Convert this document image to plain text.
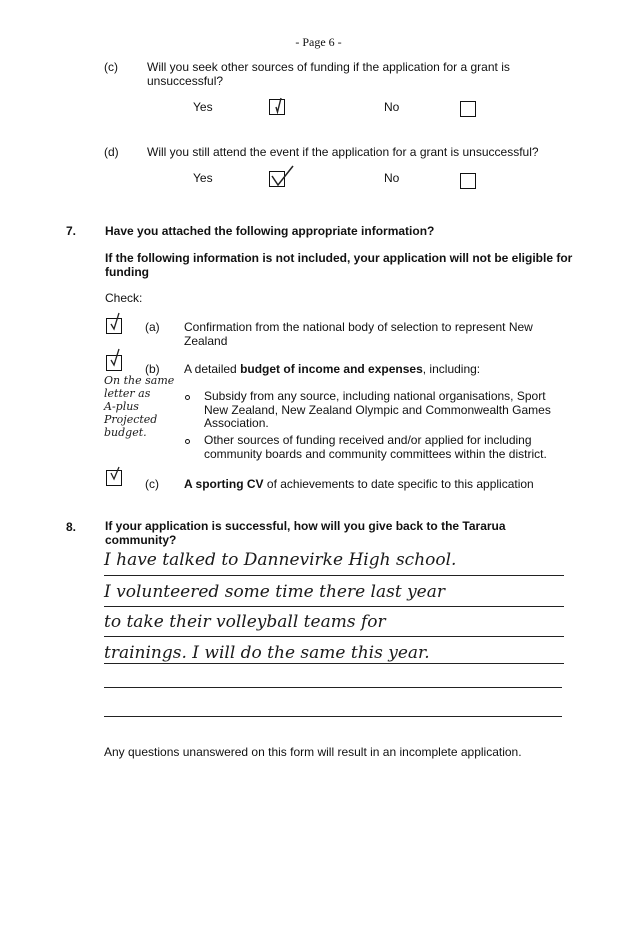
- Page 6 -
(c) Will you seek other sources of funding if the application for a grant is unsuccessful?
Yes	No
(d) Will you still attend the event if the application for a grant is unsuccessful?
Yes	No
7. Have you attached the following appropriate information?
If the following information is not included, your application will not be eligible for funding
Check:
(a) Confirmation from the national body of selection to represent New Zealand
(b) A detailed budget of income and expenses, including:
On the same
letter as
A-plus
Projected
budget.
Subsidy from any source, including national organisations, Sport New Zealand, New Zealand Olympic and Commonwealth Games Association.
Other sources of funding received and/or applied for including community boards and community committees within the district.
(c) A sporting CV of achievements to date specific to this application
8. If your application is successful, how will you give back to the Tararua community?
I have talked to Dannevirke High school.
I volunteered some time there last year
to take their volleyball teams for
trainings. I will do the same this year.
Any questions unanswered on this form will result in an incomplete application.
